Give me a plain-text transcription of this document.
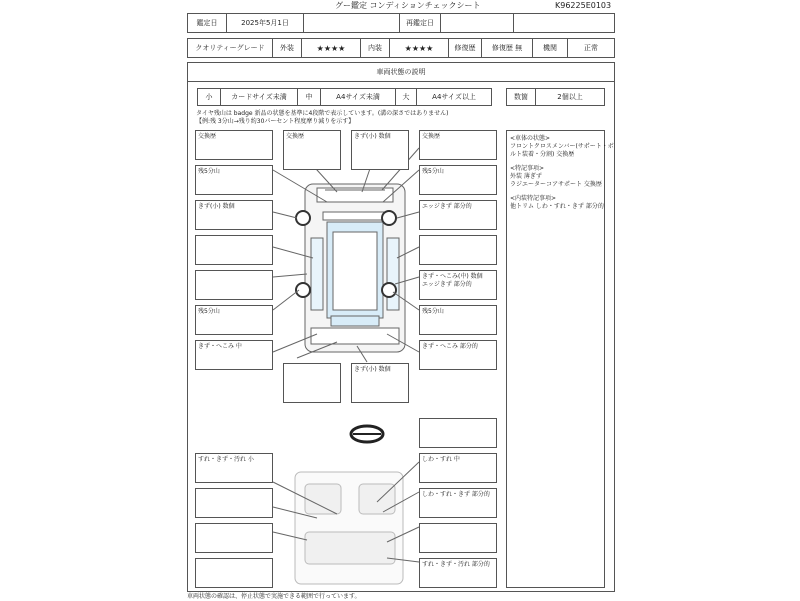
グー鑑定 コンディションチェックシート	K96225E0103
鑑定日	2025年5月1日	再鑑定日
クオリティーグレード	外装	★★★★	内装	★★★★	修復歴	修復歴 無	機関	正常
車両状態の説明
小	カードサイズ未満	中	A4サイズ未満	大	A4サイズ以上	数箇	2個以上
タイヤ残山は badge 新品の状態を基準に4段階で表示しています。(溝の深さではありません)
【例:残 3分山→残り約30パーセント程度摩り減りを示す】
交換歴
残5分山
きず(小) 数個
残5分山
きず・へこみ 中
交換歴	きず(小) 数個
きず(小) 数個
交換歴
残5分山
エッジきず 部分的
きず・へこみ(中) 数個
エッジきず 部分的
残5分山
きず・へこみ 部分的
しわ・すれ 中
しわ・すれ・きず 部分的
すれ・きず・汚れ 部分的
すれ・きず・汚れ 小
<車体の状態>
フロントクロスメンバー(サポート・ボ
ルト装着・分割) 交換歴
<特記事項>
外装 薄ぎず
ラジエーターコアサポート 交換歴
<内装特記事項>
他トリム しわ・すれ・きず 部分的
車両状態の確認は、停止状態で実施できる範囲で行っています。
